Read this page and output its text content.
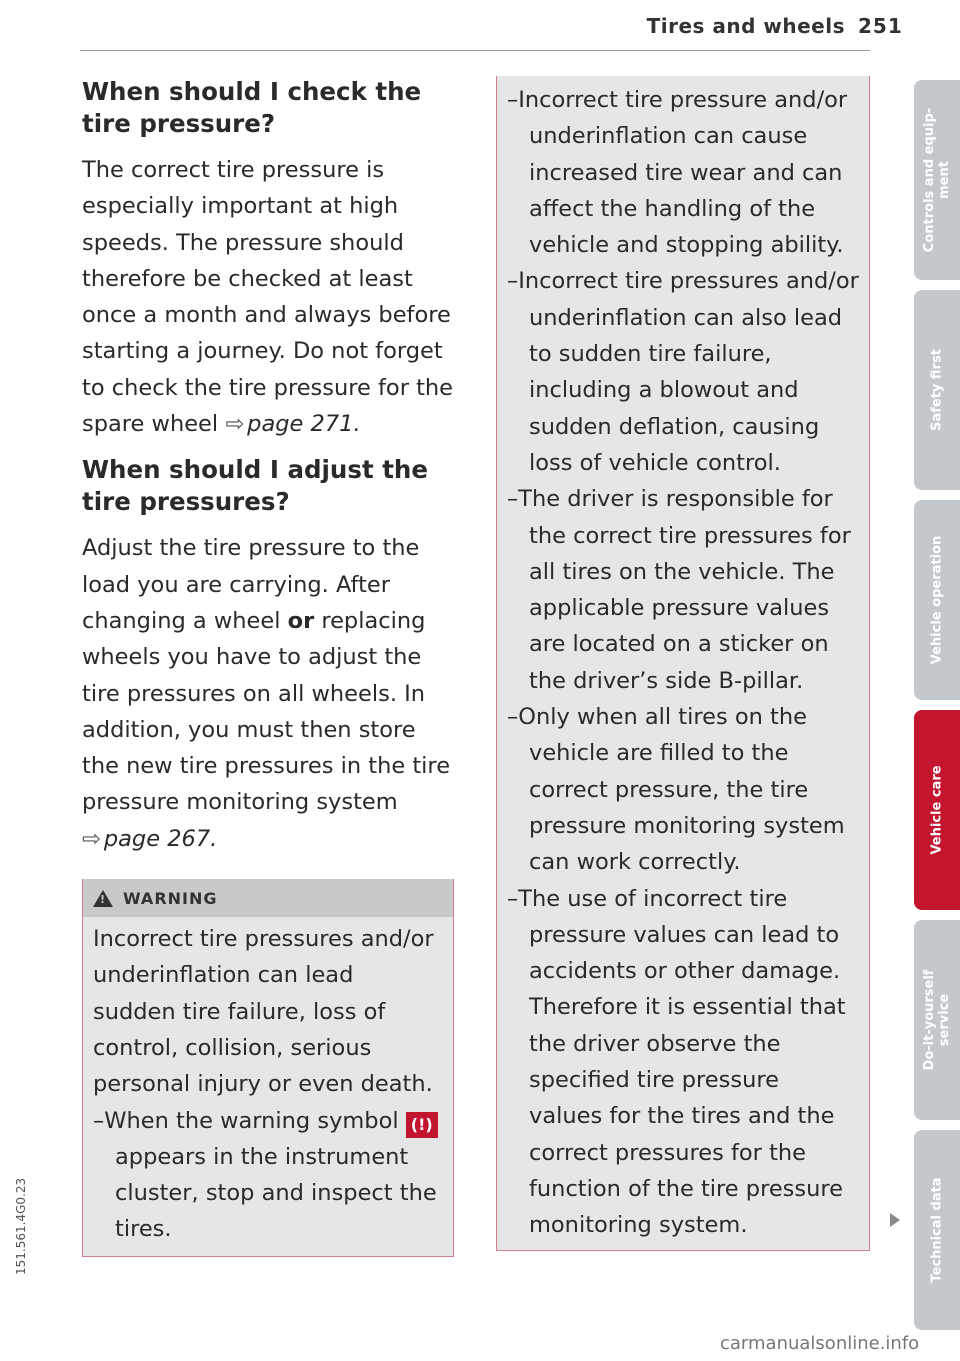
Tires and wheels 251
When should I check the tire pressure?

The correct tire pressure is especially important at high speeds. The pressure should therefore be checked at least once a month and always before starting a journey. Do not forget to check the tire pressure for the spare wheel ⇨ page 271.

When should I adjust the tire pressures?

Adjust the tire pressure to the load you are carrying. After changing a wheel or replacing wheels you have to adjust the tire pressures on all wheels. In addition, you must then store the new tire pressures in the tire pressure monitoring system ⇨ page 267.

!
WARNING
Incorrect tire pressures and/or underinflation can lead sudden tire failure, loss of control, collision, serious personal injury or even death.
–When the warning symbol (!)appears in the instrument cluster, stop and inspect the tires.
–Incorrect tire pressure and/or underinflation can cause increased tire wear and can affect the handling of the vehicle and stopping ability.
–Incorrect tire pressures and/or underinflation can also lead to sudden tire failure, including a blowout and sudden deflation, causing loss of vehicle control.
–The driver is responsible for the correct tire pressures for all tires on the vehicle. The applicable pressure values are located on a sticker on the driver’s side B-pillar.
–Only when all tires on the vehicle are filled to the correct pressure, the tire pressure monitoring system can work correctly.
–The use of incorrect tire pressure values can lead to accidents or other damage. Therefore it is essential that the driver observe the specified tire pressure values for the tires and the correct pressures for the function of the tire pressure monitoring system.
Controls and equip-
ment
Safety first
Vehicle operation
Vehicle care
Do-it-yourself
service
Technical data
151.561.4G0.23
carmanualsonline.info
